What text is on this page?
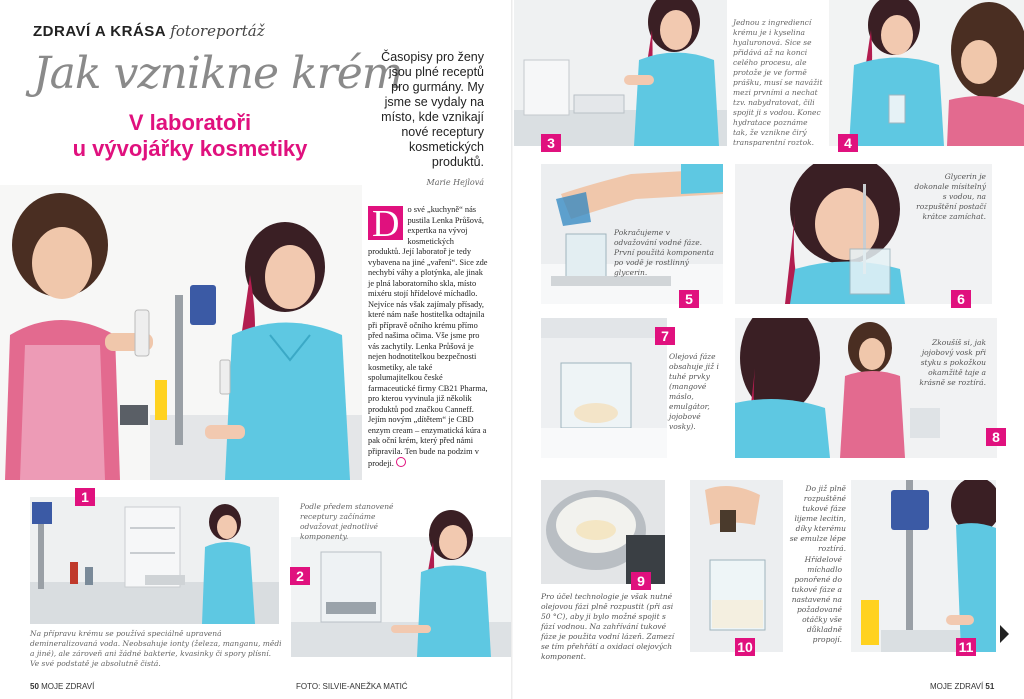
ZDRAVÍ A KRÁSA fotoreportáž
Jak vznikne krém
V laboratoři
u vývojářky kosmetiky
Časopisy pro ženy jsou plné receptů pro gurmány. My jsme se vydaly na místo, kde vznikají nové receptury kosmetických produktů.
Marie Hejlová
D o své „kuchyně“ nás pustila Lenka Průšová, expertka na vývoj kosmetických produktů. Její laboratoř je tedy vybavena na jiné „vaření“. Sice zde nechybí váhy a plotýnka, ale jinak je plná laboratorního skla, místo mixéru stojí hřídelové míchadlo. Nejvíce nás však zajímaly přísady, které nám naše hostitelka odtajnila při přípravě očního krému přímo před našima očima. Vše jsme pro vás zachytily. Lenka Průšová je nejen hodnotitelkou bezpečnosti kosmetiky, ale také spolumajitelkou české farmaceutické firmy CB21 Pharma, pro kterou vyvinula již několik produktů pod značkou Canneff. Jejím novým „dítětem“ je CBD enzym cream – enzymatická kúra a pak oční krém, který před námi připravila. Ten bude na podzim v prodeji.
1
Na přípravu krému se používá speciálně upravená demineralizovaná voda. Neobsahuje ionty (železa, manganu, mědi a jiné), ale zároveň ani žádné bakterie, kvasinky či spory plísní. Ve své podstatě je absolutně čistá.
2
Podle předem stanovené receptury začínáme odvažovat jednotlivé komponenty.
3
Jednou z ingrediencí krému je i kyselina hyaluronová. Sice se přidává až na konci celého procesu, ale protože je ve formě prášku, musí se navážit mezi prvními a nechat tzv. nabydratovat, čili spojit ji s vodou. Konec hydratace poznáme tak, že vznikne čirý transparentní roztok.	4
5
Pokračujeme v odvažování vodné fáze. První použitá komponenta po vodě je rostlinný glycerin.
6
Glycerin je dokonale mísitelný s vodou, na rozpuštění postačí krátce zamíchat.
7
Olejová fáze obsahuje již i tuhé prvky (mangové máslo, emulgátor, jojobové vosky).
8
Zkoušíš si, jak jojobový vosk při styku s pokožkou okamžitě taje a krásně se roztírá.
9
Pro účel technologie je však nutné olejovou fázi plně rozpustit (při asi 50 °C), aby ji bylo možné spojit s fází vodnou. Na zahřívání tukové fáze je použita vodní lázeň. Zamezí se tím přehřátí a oxidaci olejových komponent.
10
Do již plně rozpuštěné tukové fáze lijeme lecitin, díky kterému se emulze lépe roztírá.
11
Hřídelové míchadlo ponořené do tukové fáze a nastavené na požadované otáčky vše důkladně propojí.
50 MOJE ZDRAVÍ	FOTO: SILVIE-ANEŽKA MATIĆ	MOJE ZDRAVÍ 51
